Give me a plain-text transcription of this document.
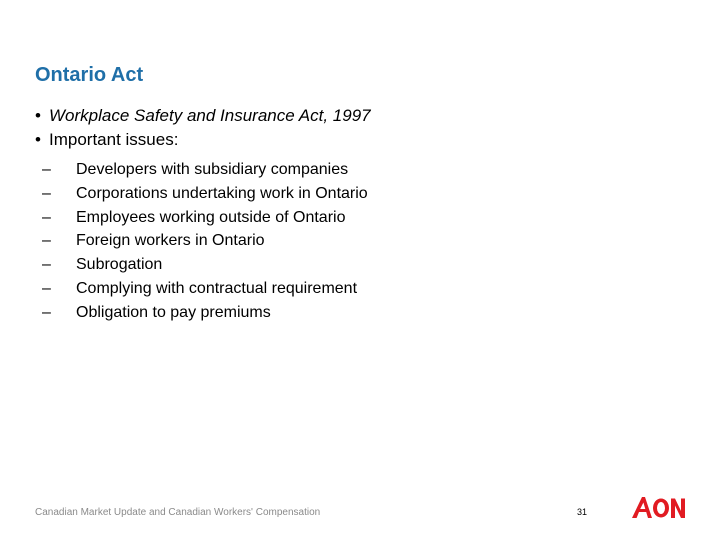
Ontario Act
• Workplace Safety and Insurance Act, 1997
• Important issues:
– Developers with subsidiary companies
– Corporations undertaking work in Ontario
– Employees working outside of Ontario
– Foreign workers in Ontario
– Subrogation
– Complying with contractual requirement
– Obligation to pay premiums
Canadian Market Update and Canadian Workers' Compensation	31
